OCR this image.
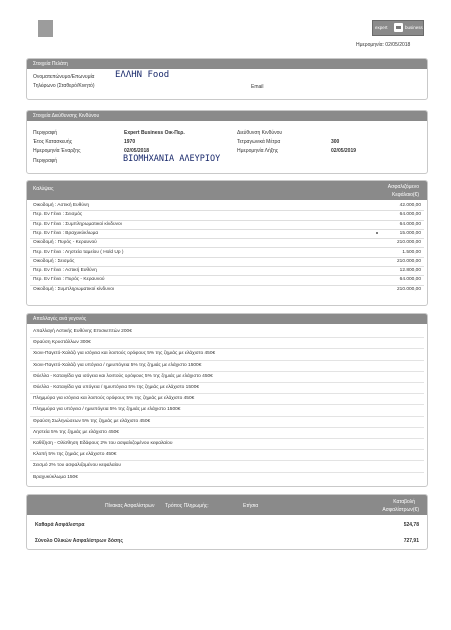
expert	business
Ημερομηνία: 02/05/2018
Στοιχεία Πελάτη
Ονοματεπώνυμο/Επωνυμία ΕΛΛΗΝ Food
Τηλέφωνο (Σταθερό/Κινητό)	Email
Στοιχεία Διεύθυνσης Κινδύνου
Περιγραφή	Expert Business Οικ-Περ.	Διεύθυνση Κινδύνου
Έτος Κατασκευής	1970	Τετραγωνικά Μέτρα	300
Ημερομηνία Έναρξης	02/05/2018	Ημερομηνία Λήξης	02/05/2019
Περιγραφή	ΒΙΟΜΗΧΑΝΙΑ ΑΛΕΥΡΙΟΥ
Καλύψεις	Ασφαλιζόμενο
Κεφάλαιο(€)
Οικοδομή : Αστική Ευθύνη	42.000,00
Περ. Εν Γένει : Σεισμός	64.000,00
Περ. Εν Γένει : Συμπληρωματικοί κίνδυνοι	64.000,00
Περ. Εν Γένει : Βραχυκύκλωμα	15.000,00
Οικοδομή : Πυρός - Κεραυνού	210.000,00
Περ. Εν Γένει : Ληστεία ταμείου ( Hold Up )	1.500,00
Οικοδομή : Σεισμός	210.000,00
Περ. Εν Γένει : Αστική Ευθύνη	12.800,00
Περ. Εν Γένει : Πυρός - Κεραυνού	64.000,00
Οικοδομή : Συμπληρωματικοί κίνδυνοι	210.000,00
Απαλλαγές ανά γεγονός
Απαλλαγή Αστικής Ευθύνης Επισκεπτών 200€
Θραύση Κρυστάλλων 300€
Χιονι-Παγετό-Χαλάζι για ισόγεια και λοιπούς ορόφους 5% της ζημιάς με ελάχιστο 450€
Χιονι-Παγετό-Χαλάζι για υπόγεια / ημιυπόγεια 5% της ζημιάς με ελάχιστο 1500€
Θύελλα - Καταιγίδα για ισόγεια και λοιπούς ορόφους 5% της ζημιάς με ελάχιστο 450€
Θύελλα - Καταιγίδα για υπόγεια / ημιυπόγεια 5% της ζημιάς με ελάχιστο 1500€
Πλημμύρα για ισόγεια και λοιπούς ορόφους 5% της ζημιάς με ελάχιστο 450€
Πλημμύρα για υπόγεια / ημιυπόγεια 5% της ζημιάς με ελάχιστο 1500€
Θραύση Σωληνώσεων 5% της ζημιάς με ελάχιστο 450€
Ληστεία 5% της ζημιάς με ελάχιστο 450€
Καθίζηση - Ολίσθηση Εδάφους 2% του ασφαλιζομένου κεφαλαίου
Κλοπή 5% της ζημιάς με ελάχιστο 450€
Σεισμό 2% του ασφαλιζομένου κεφαλαίου
Βραχυκύκλωμα 150€
Πίνακας Ασφαλίστρων Τρόπος Πληρωμής:	Ετήσια
Καταβολή
Ασφαλίστρων(€)
Καθαρά Ασφάλιστρα	524,78
Σύνολο Ολικών Ασφαλίστρων δόσης	727,91
